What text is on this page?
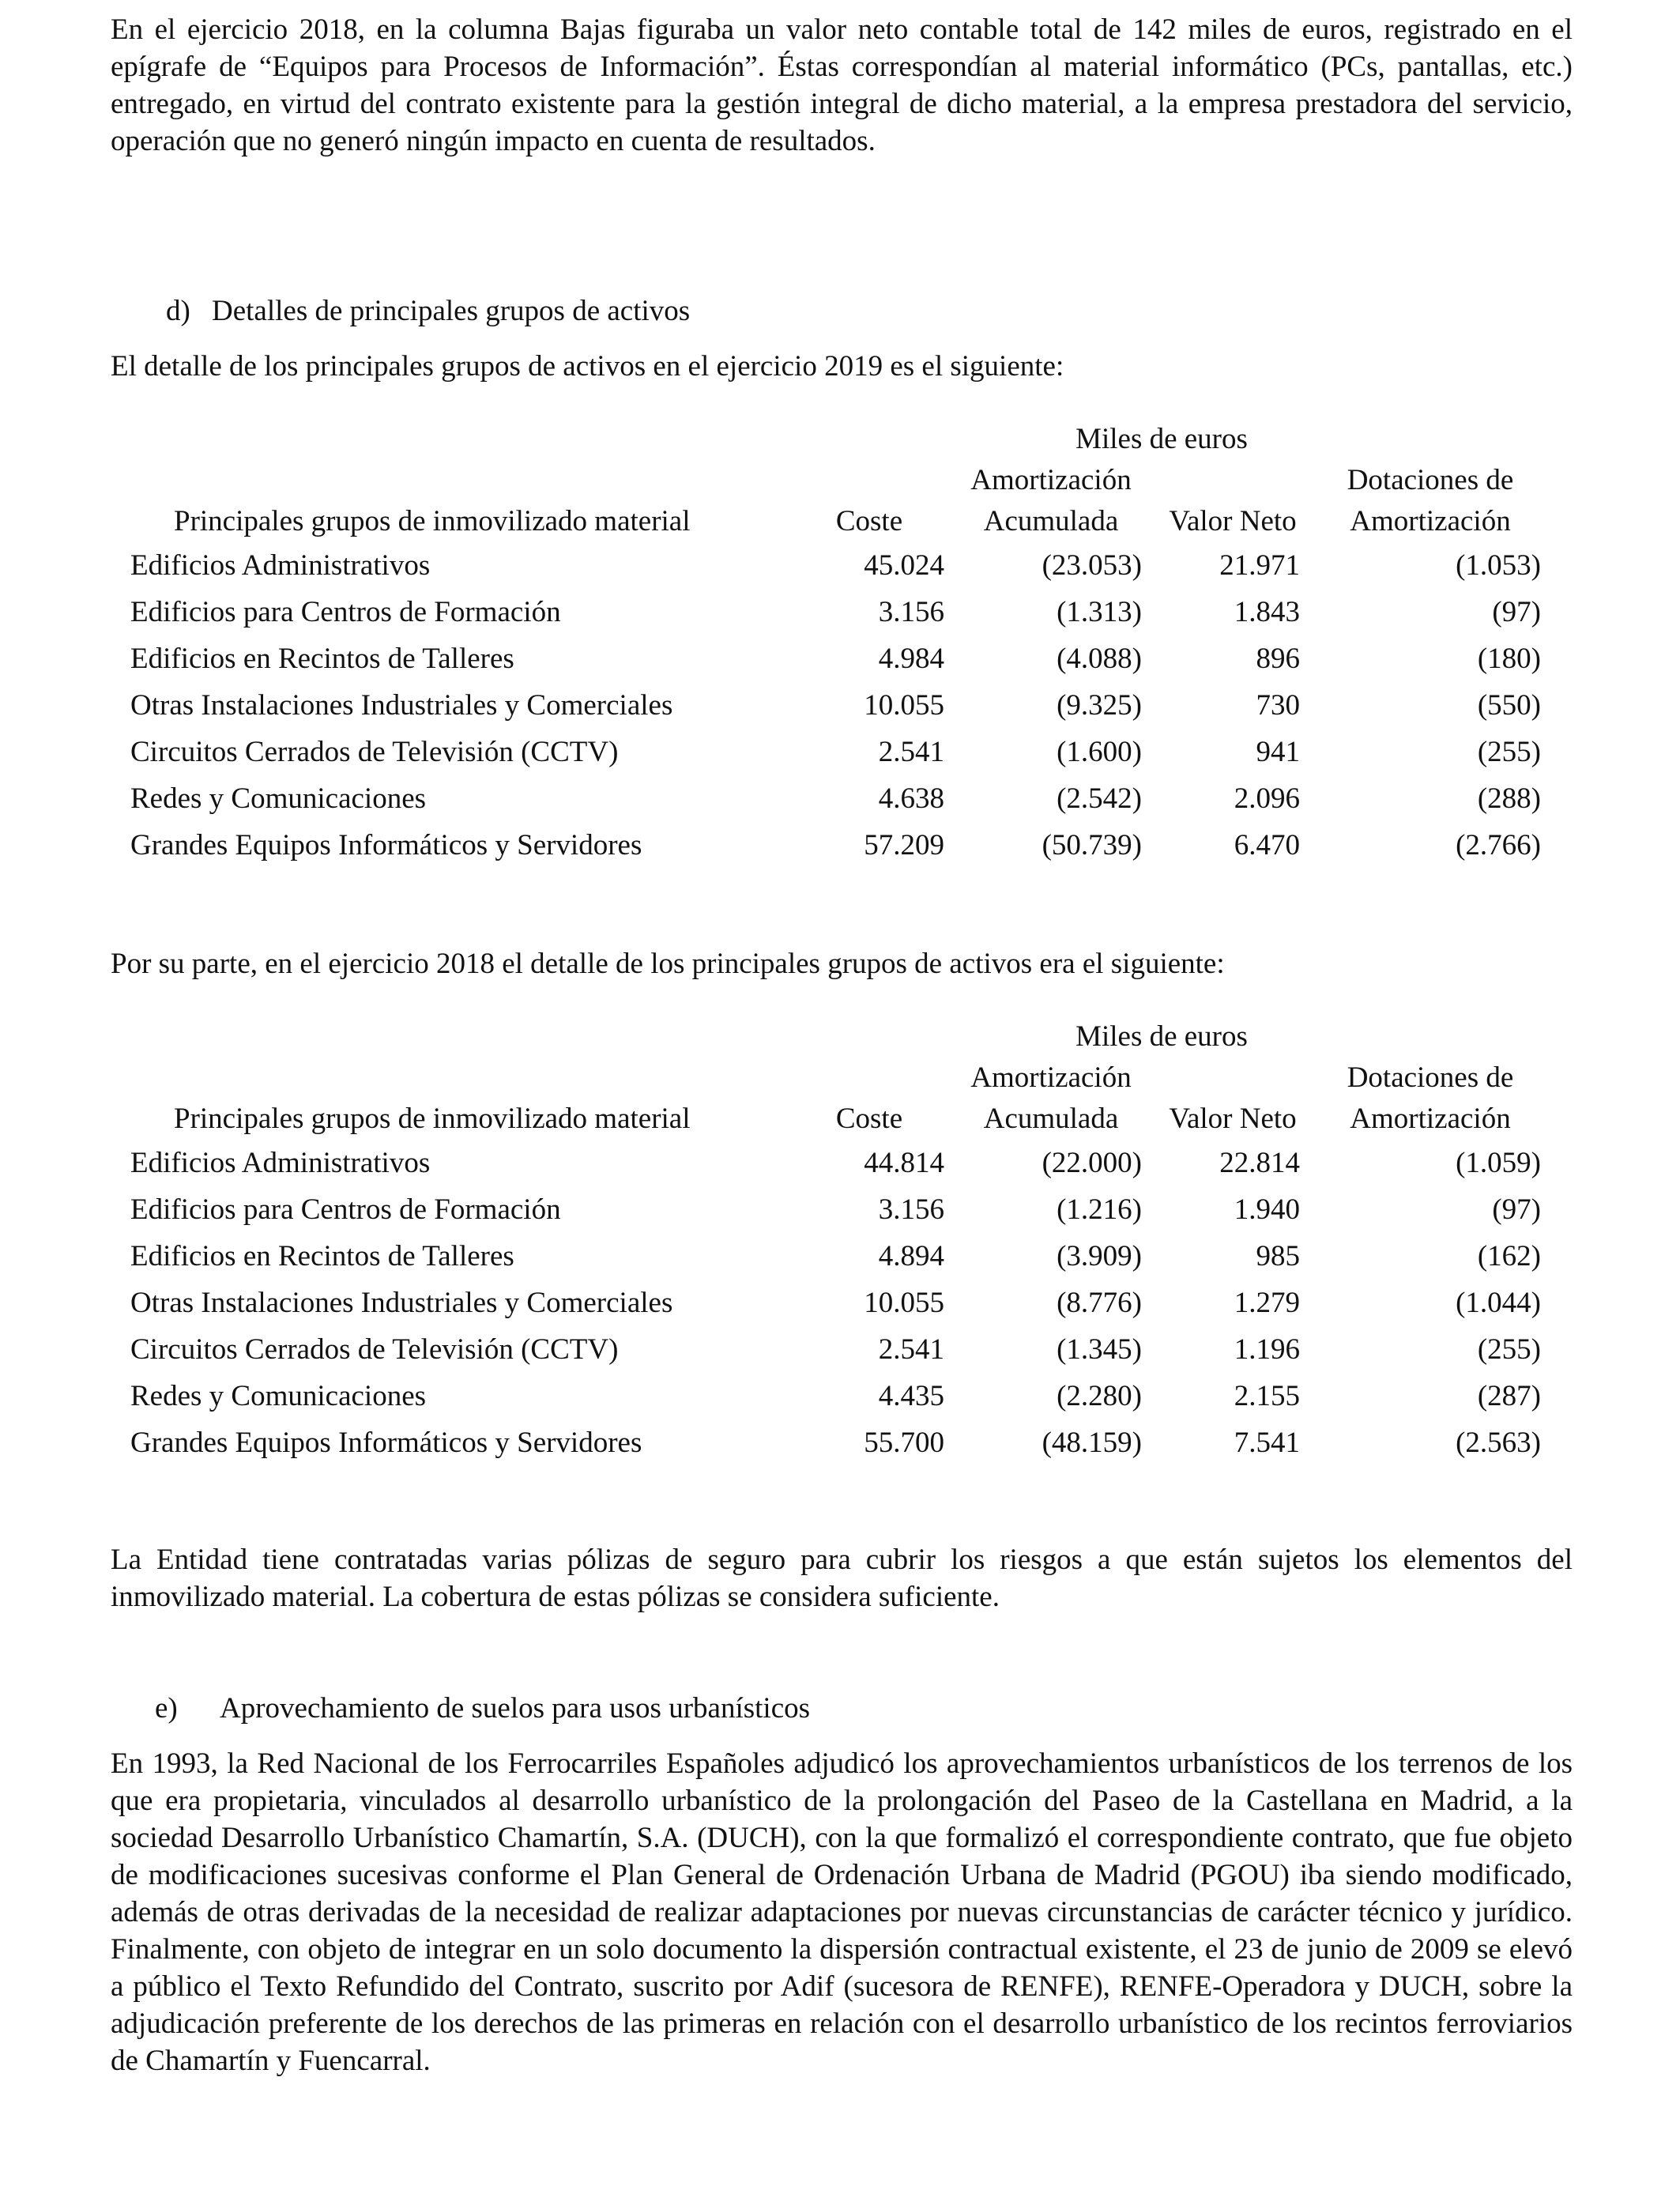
En el ejercicio 2018, en la columna Bajas figuraba un valor neto contable total de 142 miles de euros, registrado en el epígrafe de “Equipos para Procesos de Información”. Éstas correspondían al material informático (PCs, pantallas, etc.) entregado, en virtud del contrato existente para la gestión integral de dicho material, a la empresa prestadora del servicio, operación que no generó ningún impacto en cuenta de resultados.

d) Detalles de principales grupos de activos

El detalle de los principales grupos de activos en el ejercicio 2019 es el siguiente:

Miles de euros
Amortización	Dotaciones de
Principales grupos de inmovilizado material	Coste	Acumulada	Valor Neto	Amortización
Edificios Administrativos	45.024	(23.053)	21.971	(1.053)
Edificios para Centros de Formación	3.156	(1.313)	1.843	(97)
Edificios en Recintos de Talleres	4.984	(4.088)	896	(180)
Otras Instalaciones Industriales y Comerciales	10.055	(9.325)	730	(550)
Circuitos Cerrados de Televisión (CCTV)	2.541	(1.600)	941	(255)
Redes y Comunicaciones	4.638	(2.542)	2.096	(288)
Grandes Equipos Informáticos y Servidores	57.209	(50.739)	6.470	(2.766)

Por su parte, en el ejercicio 2018 el detalle de los principales grupos de activos era el siguiente:

Miles de euros
Amortización	Dotaciones de
Principales grupos de inmovilizado material	Coste	Acumulada	Valor Neto	Amortización
Edificios Administrativos	44.814	(22.000)	22.814	(1.059)
Edificios para Centros de Formación	3.156	(1.216)	1.940	(97)
Edificios en Recintos de Talleres	4.894	(3.909)	985	(162)
Otras Instalaciones Industriales y Comerciales	10.055	(8.776)	1.279	(1.044)
Circuitos Cerrados de Televisión (CCTV)	2.541	(1.345)	1.196	(255)
Redes y Comunicaciones	4.435	(2.280)	2.155	(287)
Grandes Equipos Informáticos y Servidores	55.700	(48.159)	7.541	(2.563)

La Entidad tiene contratadas varias pólizas de seguro para cubrir los riesgos a que están sujetos los elementos del inmovilizado material. La cobertura de estas pólizas se considera suficiente.

e) Aprovechamiento de suelos para usos urbanísticos

En 1993, la Red Nacional de los Ferrocarriles Españoles adjudicó los aprovechamientos urbanísticos de los terrenos de los que era propietaria, vinculados al desarrollo urbanístico de la prolongación del Paseo de la Castellana en Madrid, a la sociedad Desarrollo Urbanístico Chamartín, S.A. (DUCH), con la que formalizó el correspondiente contrato, que fue objeto de modificaciones sucesivas conforme el Plan General de Ordenación Urbana de Madrid (PGOU) iba siendo modificado, además de otras derivadas de la necesidad de realizar adaptaciones por nuevas circunstancias de carácter técnico y jurídico. Finalmente, con objeto de integrar en un solo documento la dispersión contractual existente, el 23 de junio de 2009 se elevó a público el Texto Refundido del Contrato, suscrito por Adif (sucesora de RENFE), RENFE-Operadora y DUCH, sobre la adjudicación preferente de los derechos de las primeras en relación con el desarrollo urbanístico de los recintos ferroviarios de Chamartín y Fuencarral.
